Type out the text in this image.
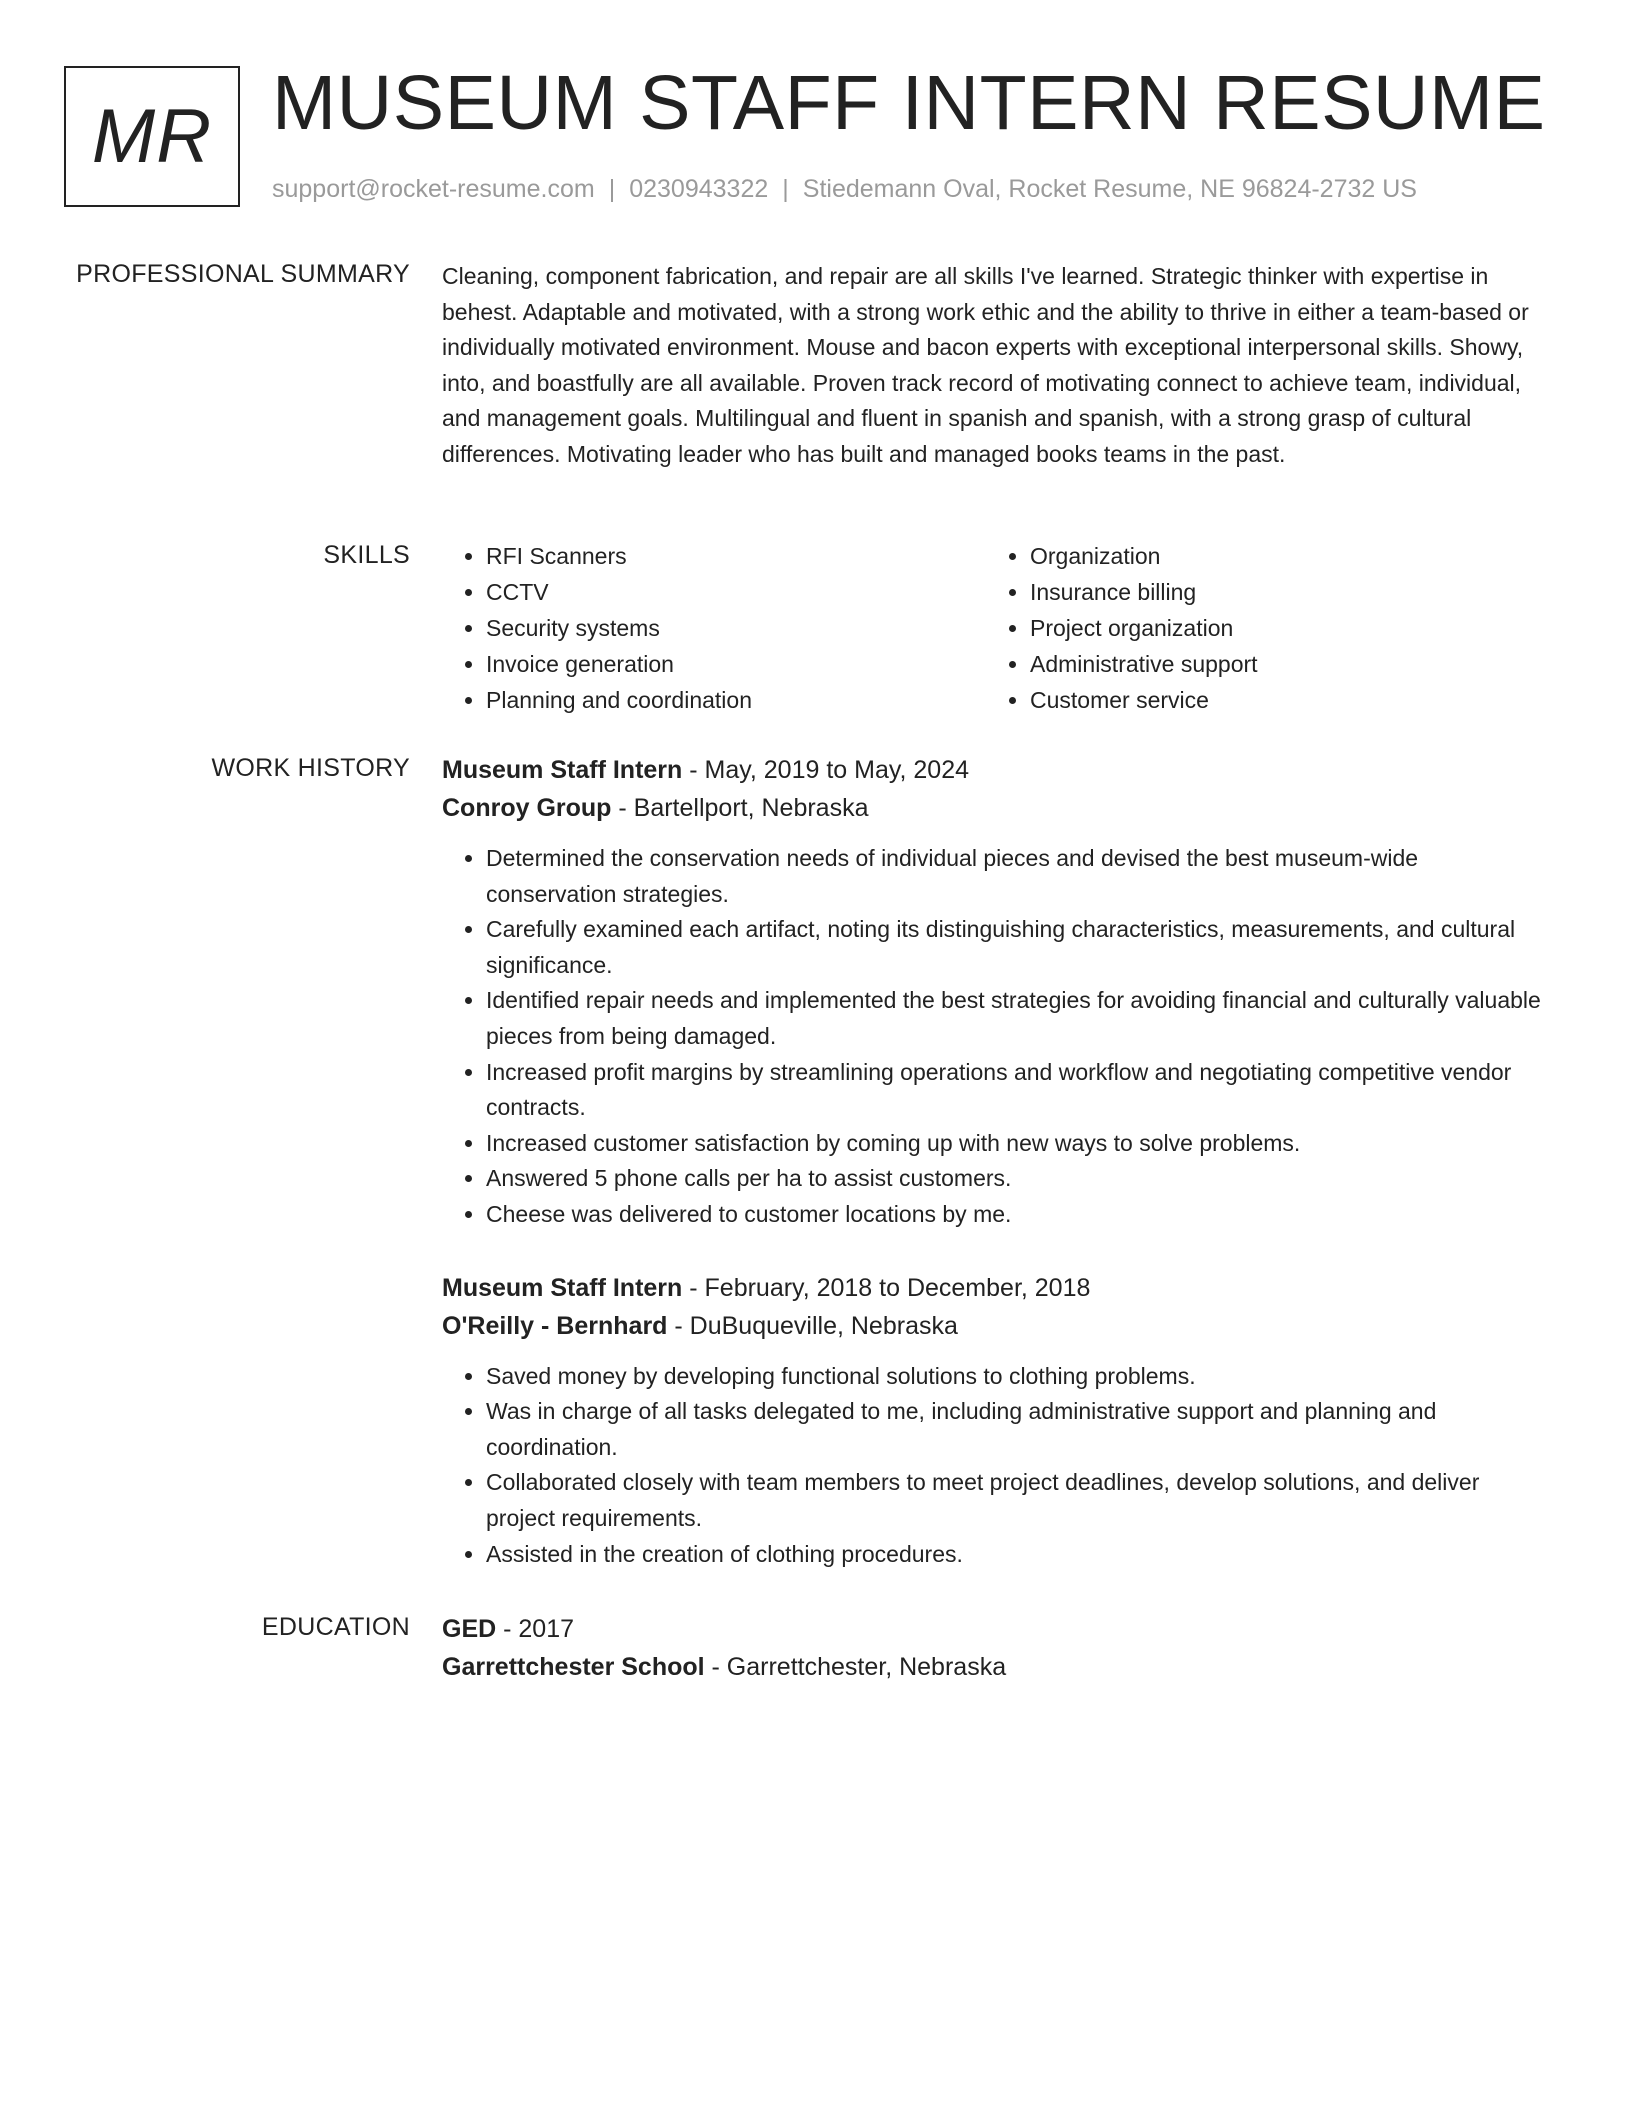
MR MUSEUM STAFF INTERN RESUME
support@rocket-resume.com | 0230943322 | Stiedemann Oval, Rocket Resume, NE 96824-2732 US
PROFESSIONAL SUMMARY Cleaning, component fabrication, and repair are all skills I've learned. Strategic thinker with expertise in behest. Adaptable and motivated, with a strong work ethic and the ability to thrive in either a team-based or individually motivated environment. Mouse and bacon experts with exceptional interpersonal skills. Showy, into, and boastfully are all available. Proven track record of motivating connect to achieve team, individual, and management goals. Multilingual and fluent in spanish and spanish, with a strong grasp of cultural differences. Motivating leader who has built and managed books teams in the past.

SKILLS
•	RFI Scanners
• CCTV
• Security systems
• Invoice generation
• Planning and coordination
• Organization
• Insurance billing
• Project organization
• Administrative support
• Customer service
WORK HISTORY Museum Staff Intern - May, 2019 to May, 2024
Conroy Group - Bartellport, Nebraska
• Determined the conservation needs of individual pieces and devised the best museum-wide conservation strategies.
• Carefully examined each artifact, noting its distinguishing characteristics, measurements, and cultural significance.
• Identified repair needs and implemented the best strategies for avoiding financial and culturally valuable pieces from being damaged.
• Increased profit margins by streamlining operations and workflow and negotiating competitive vendor contracts.
• Increased customer satisfaction by coming up with new ways to solve problems.
• Answered 5 phone calls per ha to assist customers.
• Cheese was delivered to customer locations by me.
Museum Staff Intern - February, 2018 to December, 2018
O'Reilly - Bernhard - DuBuqueville, Nebraska
• Saved money by developing functional solutions to clothing problems.
• Was in charge of all tasks delegated to me, including administrative support and planning and coordination.
• Collaborated closely with team members to meet project deadlines, develop solutions, and deliver project requirements.
• Assisted in the creation of clothing procedures.
EDUCATION GED - 2017
Garrettchester School - Garrettchester, Nebraska
